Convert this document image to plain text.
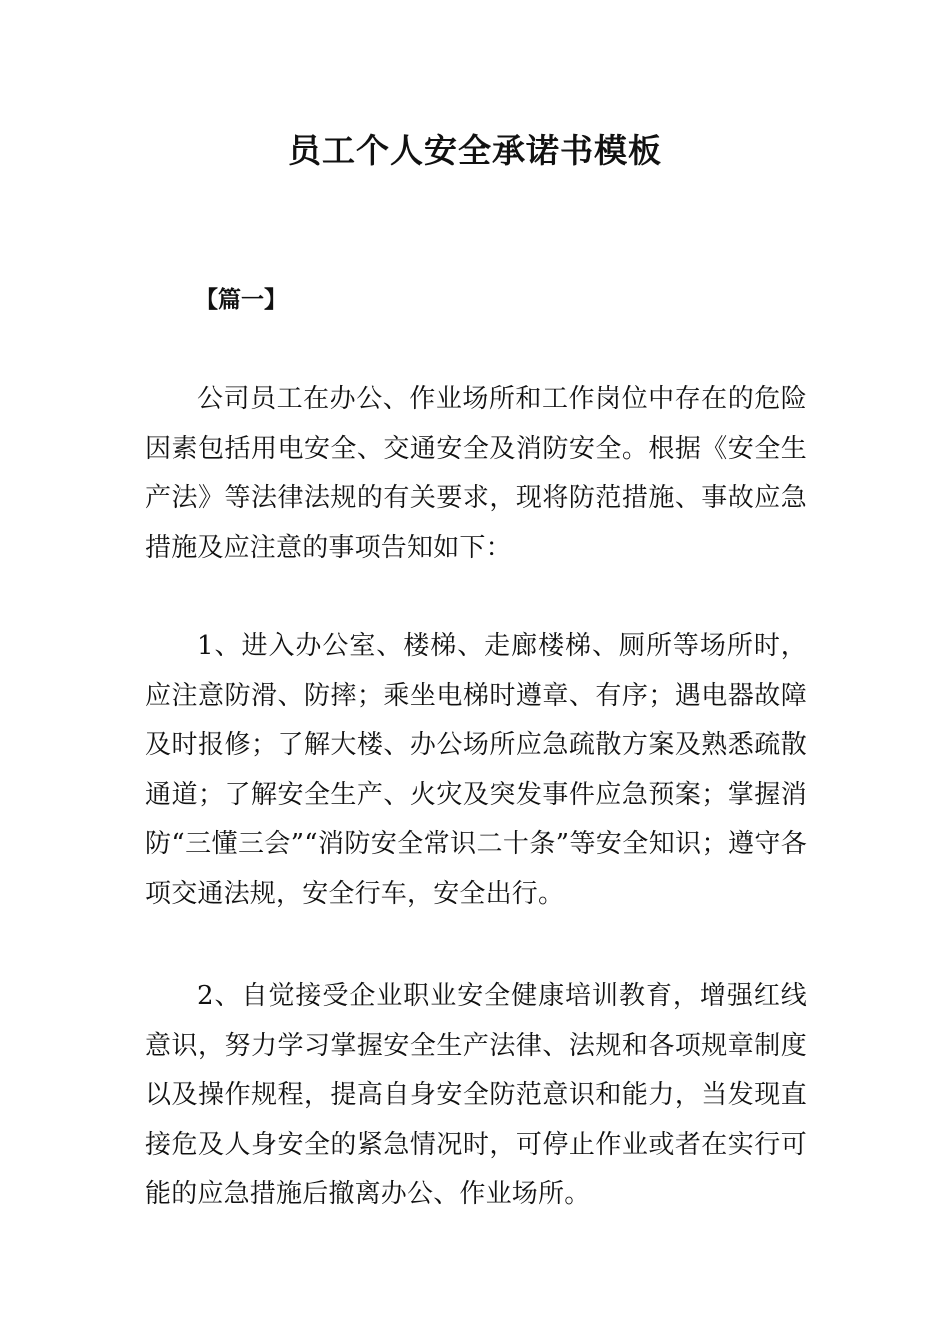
员工个人安全承诺书模板

【篇一】

公司员工在办公、作业场所和工作岗位中存在的危险因素包括用电安全、交通安全及消防安全。根据《安全生产法》等法律法规的有关要求，现将防范措施、事故应急措施及应注意的事项告知如下：

1、进入办公室、楼梯、走廊楼梯、厕所等场所时，应注意防滑、防摔；乘坐电梯时遵章、有序；遇电器故障及时报修；了解大楼、办公场所应急疏散方案及熟悉疏散通道；了解安全生产、火灾及突发事件应急预案；掌握消防“三懂三会”“消防安全常识二十条”等安全知识；遵守各项交通法规，安全行车，安全出行。

2、自觉接受企业职业安全健康培训教育，增强红线意识，努力学习掌握安全生产法律、法规和各项规章制度以及操作规程，提高自身安全防范意识和能力，当发现直接危及人身安全的紧急情况时，可停止作业或者在实行可能的应急措施后撤离办公、作业场所。
